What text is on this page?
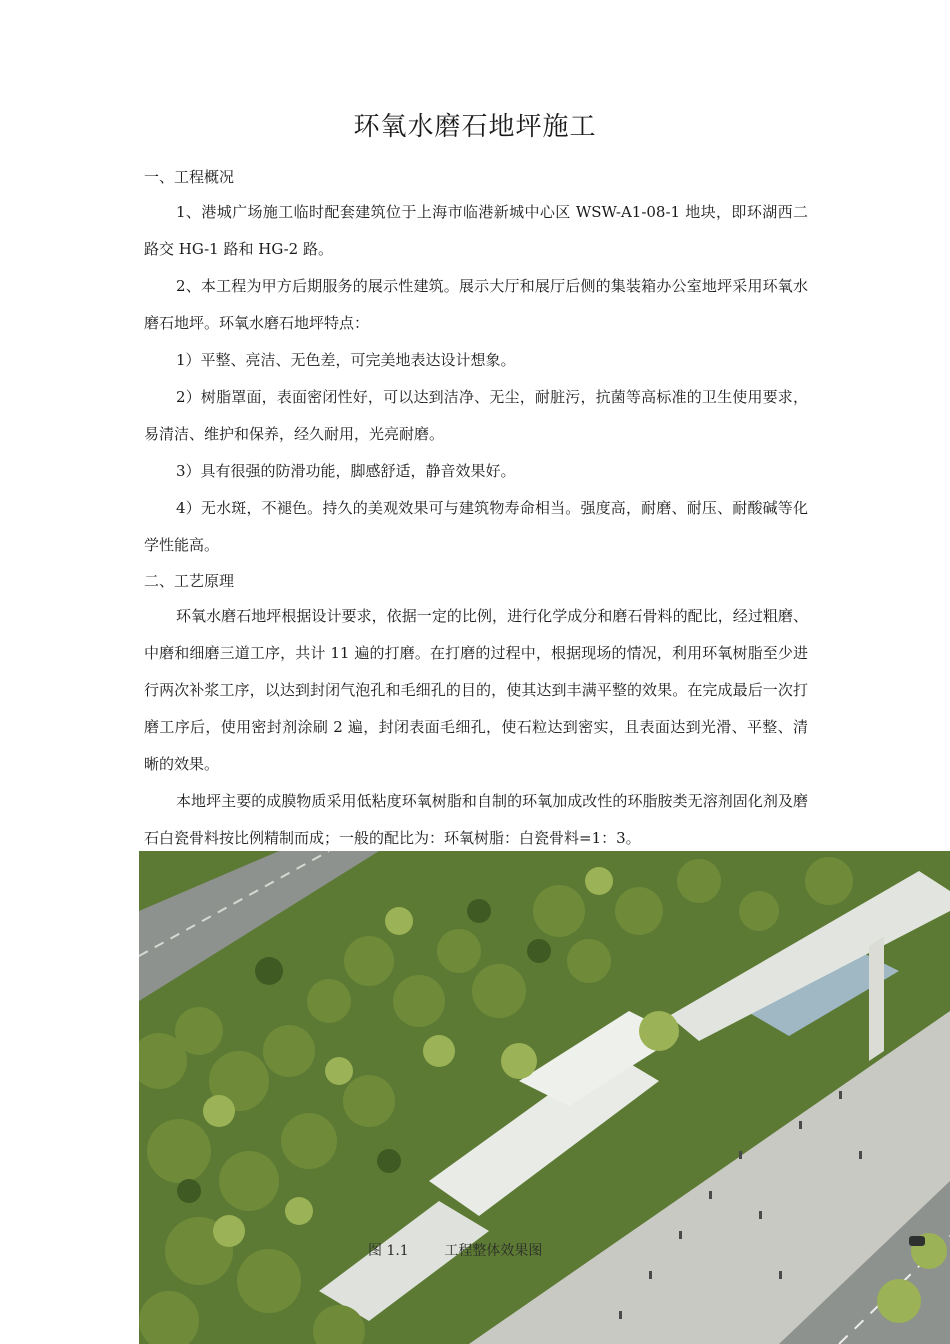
环氧水磨石地坪施工
一、工程概况

1、港城广场施工临时配套建筑位于上海市临港新城中心区 WSW-A1-08-1 地块，即环湖西二路交 HG-1 路和 HG-2 路。

2、本工程为甲方后期服务的展示性建筑。展示大厅和展厅后侧的集装箱办公室地坪采用环氧水磨石地坪。环氧水磨石地坪特点：

1）平整、亮洁、无色差，可完美地表达设计想象。

2）树脂罩面，表面密闭性好，可以达到洁净、无尘，耐脏污，抗菌等高标准的卫生使用要求，易清洁、维护和保养，经久耐用，光亮耐磨。

3）具有很强的防滑功能，脚感舒适，静音效果好。

4）无水斑，不褪色。持久的美观效果可与建筑物寿命相当。强度高，耐磨、耐压、耐酸碱等化学性能高。

二、工艺原理

环氧水磨石地坪根据设计要求，依据一定的比例，进行化学成分和磨石骨料的配比，经过粗磨、中磨和细磨三道工序，共计 11 遍的打磨。在打磨的过程中，根据现场的情况，利用环氧树脂至少进行两次补浆工序，以达到封闭气泡孔和毛细孔的目的，使其达到丰满平整的效果。在完成最后一次打磨工序后，使用密封剂涂刷 2 遍，封闭表面毛细孔，使石粒达到密实，且表面达到光滑、平整、清晰的效果。

本地坪主要的成膜物质采用低粘度环氧树脂和自制的环氧加成改性的环脂胺类无溶剂固化剂及磨石白瓷骨料按比例精制而成；一般的配比为：环氧树脂：白瓷骨料=1：3。

图 1.1        工程整体效果图
